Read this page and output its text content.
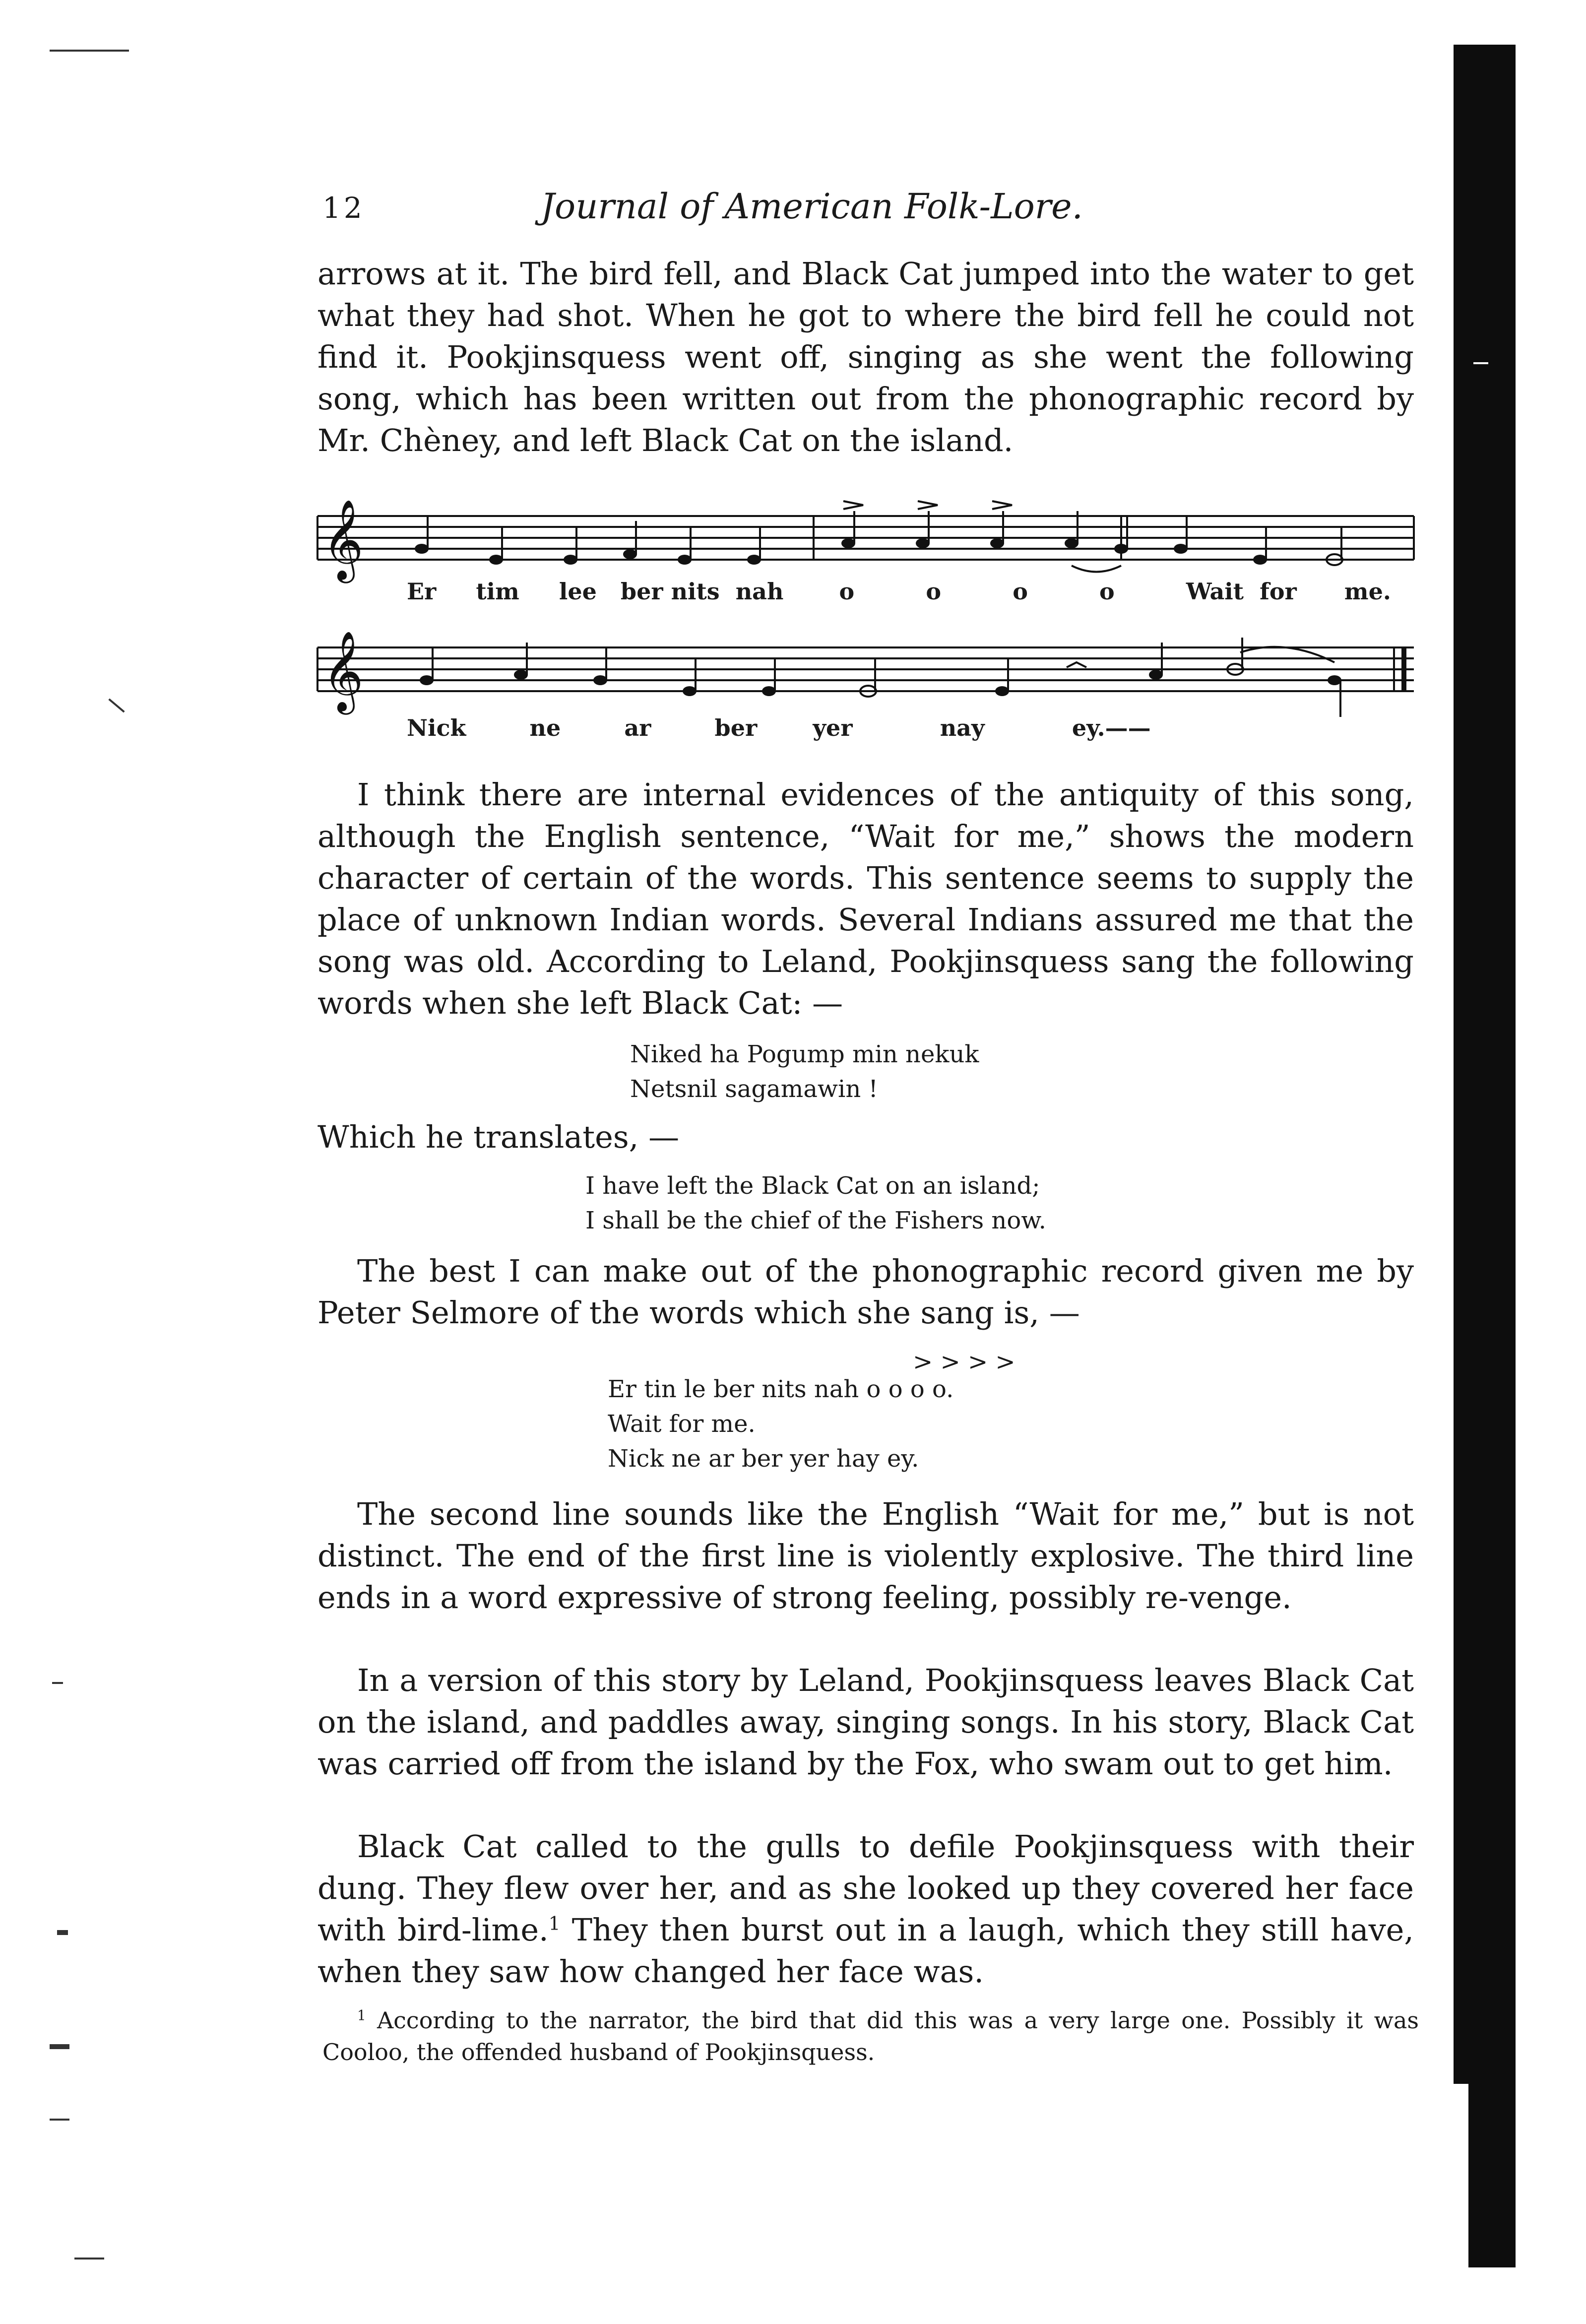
12	Journal of American Folk-Lore.

arrows at it. The bird fell, and Black Cat jumped into the water to get what they had shot. When he got to where the bird fell he could not find it. Pookjinsquess went off, singing as she went the following song, which has been written out from the phonographic record by Mr. Chèney, and left Black Cat on the island.

𝄞
Er tim lee ber nits nah o	o	o	o	Wait for me.
𝄞
Nick	ne	ar	ber yer	nay	ey.——

I think there are internal evidences of the antiquity of this song, although the English sentence, “Wait for me,” shows the modern character of certain of the words. This sentence seems to supply the place of unknown Indian words. Several Indians assured me that the song was old. According to Leland, Pookjinsquess sang the following words when she left Black Cat: —

Niked ha Pogump min nekuk
Netsnil sagamawin !

Which he translates, —

I have left the Black Cat on an island;
I shall be the chief of the Fishers now.

The best I can make out of the phonographic record given me by Peter Selmore of the words which she sang is, —

> > > >
Er tin le ber nits nah o o o o.
Wait for me.
Nick ne ar ber yer hay ey.

The second line sounds like the English “Wait for me,” but is not distinct. The end of the first line is violently explosive. The third line ends in a word expressive of strong feeling, possibly re-venge.

In a version of this story by Leland, Pookjinsquess leaves Black Cat on the island, and paddles away, singing songs. In his story, Black Cat was carried off from the island by the Fox, who swam out to get him.

Black Cat called to the gulls to defile Pookjinsquess with their dung. They flew over her, and as she looked up they covered her face with bird-lime.$^1$ They then burst out in a laugh, which they still have, when they saw how changed her face was.

$^1$ According to the narrator, the bird that did this was a very large one. Possibly it was Cooloo, the offended husband of Pookjinsquess.
